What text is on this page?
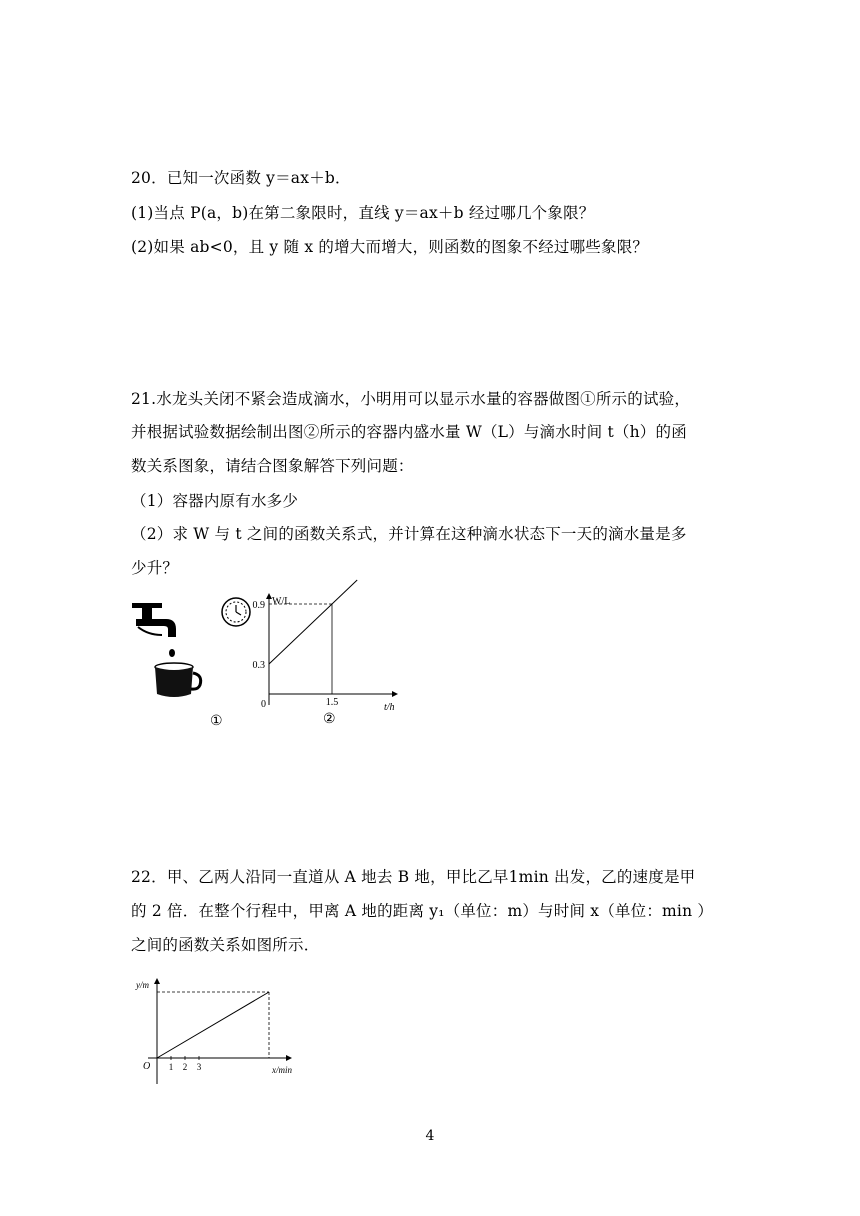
20．已知一次函数 y＝ax＋b．
(1)当点 P(a，b)在第二象限时，直线 y＝ax＋b 经过哪几个象限？
(2)如果 ab<0，且 y 随 x 的增大而增大，则函数的图象不经过哪些象限？
21.水龙头关闭不紧会造成滴水，小明用可以显示水量的容器做图①所示的试验，
并根据试验数据绘制出图②所示的容器内盛水量 W（L）与滴水时间 t（h）的函
数关系图象，请结合图象解答下列问题：
（1）容器内原有水多少
（2）求 W 与 t 之间的函数关系式，并计算在这种滴水状态下一天的滴水量是多
少升？
①
W/L
t/h
0
0.3
0.9
1.5
②
22．甲、乙两人沿同一直道从 A 地去 B 地，甲比乙早1min 出发，乙的速度是甲
的 2 倍．在整个行程中，甲离 A 地的距离 y₁（单位：m）与时间 x（单位：min ）
之间的函数关系如图所示．
y/m
x/min
O 1 2 3
4
